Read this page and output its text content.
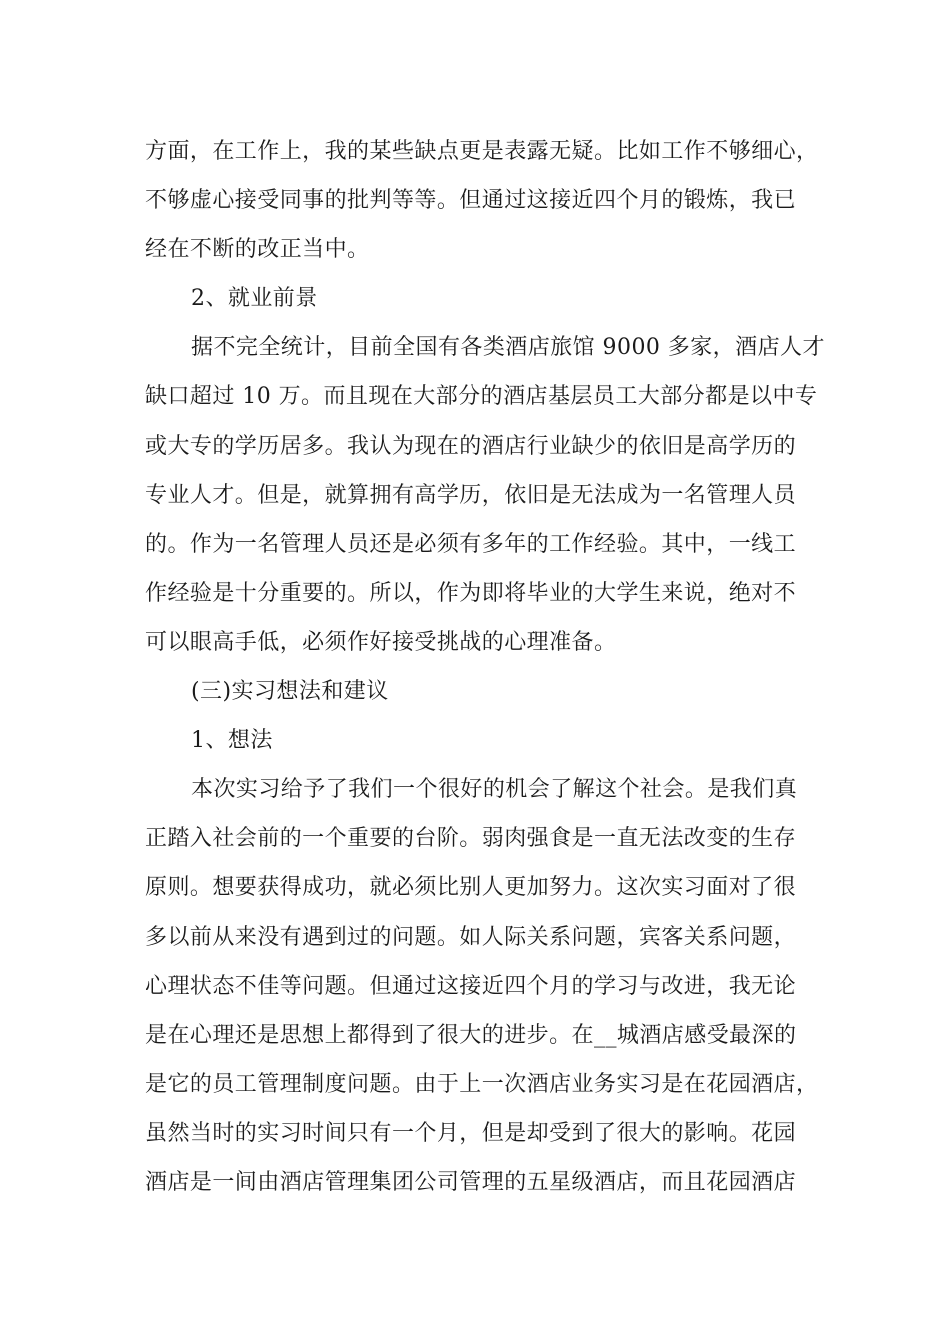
方面，在工作上，我的某些缺点更是表露无疑。比如工作不够细心，
不够虚心接受同事的批判等等。但通过这接近四个月的锻炼，我已
经在不断的改正当中。
2、就业前景
据不完全统计，目前全国有各类酒店旅馆 9000 多家，酒店人才
缺口超过 10 万。而且现在大部分的酒店基层员工大部分都是以中专
或大专的学历居多。我认为现在的酒店行业缺少的依旧是高学历的
专业人才。但是，就算拥有高学历，依旧是无法成为一名管理人员
的。作为一名管理人员还是必须有多年的工作经验。其中，一线工
作经验是十分重要的。所以，作为即将毕业的大学生来说，绝对不
可以眼高手低，必须作好接受挑战的心理准备。
(三)实习想法和建议
1、想法
本次实习给予了我们一个很好的机会了解这个社会。是我们真
正踏入社会前的一个重要的台阶。弱肉强食是一直无法改变的生存
原则。想要获得成功，就必须比别人更加努力。这次实习面对了很
多以前从来没有遇到过的问题。如人际关系问题，宾客关系问题，
心理状态不佳等问题。但通过这接近四个月的学习与改进，我无论
是在心理还是思想上都得到了很大的进步。在__城酒店感受最深的
是它的员工管理制度问题。由于上一次酒店业务实习是在花园酒店，
虽然当时的实习时间只有一个月，但是却受到了很大的影响。花园
酒店是一间由酒店管理集团公司管理的五星级酒店，而且花园酒店
